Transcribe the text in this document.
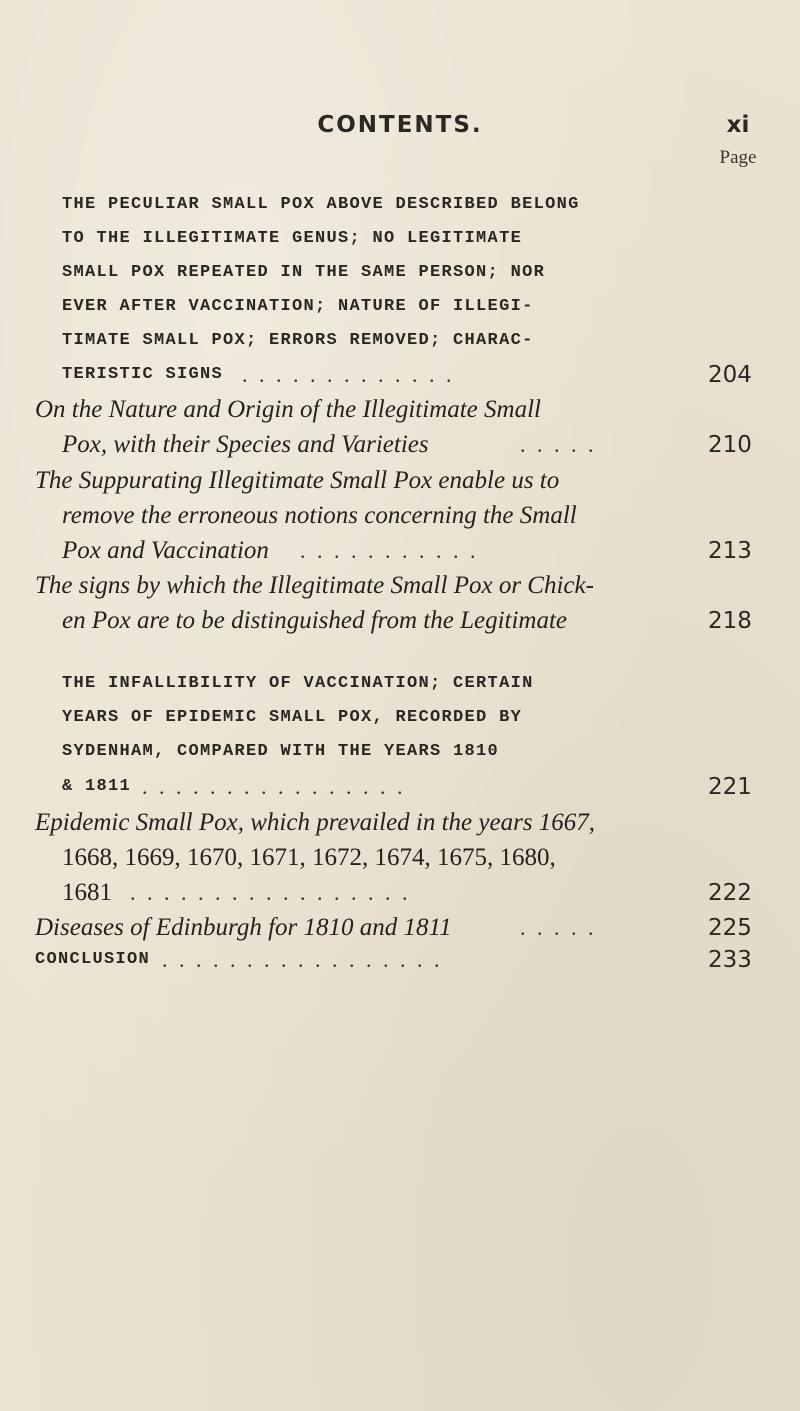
CONTENTS.	xi
Page
THE PECULIAR SMALL POX ABOVE DESCRIBED BELONG
TO THE ILLEGITIMATE GENUS; NO LEGITIMATE
SMALL POX REPEATED IN THE SAME PERSON; NOR
EVER AFTER VACCINATION; NATURE OF ILLEGI-
TIMATE SMALL POX; ERRORS REMOVED; CHARAC-
TERISTIC SIGNS . . . . . . . . . . . . .	204
On the Nature and Origin of the Illegitimate Small
Pox, with their Species and Varieties	. . . . .	210
The Suppurating Illegitimate Small Pox enable us to
remove the erroneous notions concerning the Small
Pox and Vaccination . . . . . . . . . . .	213
The signs by which the Illegitimate Small Pox or Chick-
en Pox are to be distinguished from the Legitimate	218
THE INFALLIBILITY OF VACCINATION; CERTAIN
YEARS OF EPIDEMIC SMALL POX, RECORDED BY
SYDENHAM, COMPARED WITH THE YEARS 1810
& 1811 . . . . . . . . . . . . . . . .	221
Epidemic Small Pox, which prevailed in the years 1667,
1668, 1669, 1670, 1671, 1672, 1674, 1675, 1680,
1681 . . . . . . . . . . . . . . . . .	222
Diseases of Edinburgh for 1810 and 1811	. . . . .	225
CONCLUSION . . . . . . . . . . . . . . . . .	233
